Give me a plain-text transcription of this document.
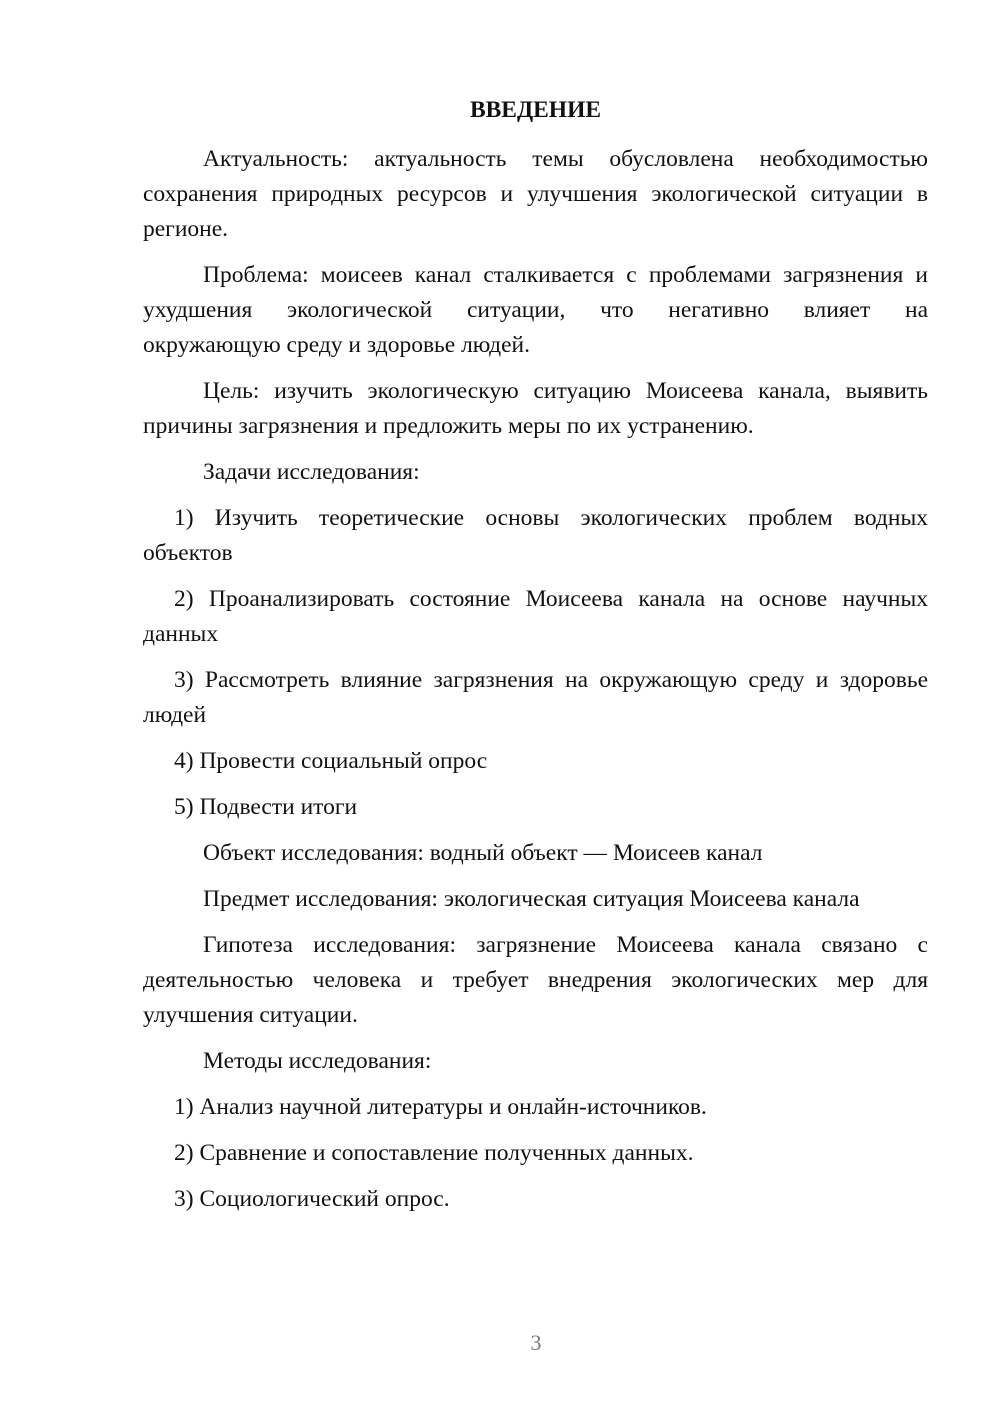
ВВЕДЕНИЕ

Актуальность: актуальность темы обусловлена необходимостью
сохранения природных ресурсов и улучшения экологической ситуации в
регионе.

Проблема: моисеев канал сталкивается с проблемами загрязнения и
ухудшения экологической ситуации, что негативно влияет на
окружающую среду и здоровье людей.

Цель: изучить экологическую ситуацию Моисеева канала, выявить
причины загрязнения и предложить меры по их устранению.

Задачи исследования:

1) Изучить теоретические основы экологических проблем водных
объектов

2) Проанализировать состояние Моисеева канала на основе научных
данных

3) Рассмотреть влияние загрязнения на окружающую среду и здоровье
людей

4) Провести социальный опрос

5) Подвести итоги

Объект исследования: водный объект — Моисеев канал

Предмет исследования: экологическая ситуация Моисеева канала

Гипотеза исследования: загрязнение Моисеева канала связано с
деятельностью человека и требует внедрения экологических мер для
улучшения ситуации.

Методы исследования:

1) Анализ научной литературы и онлайн-источников.

2) Сравнение и сопоставление полученных данных.

3) Социологический опрос.

3
